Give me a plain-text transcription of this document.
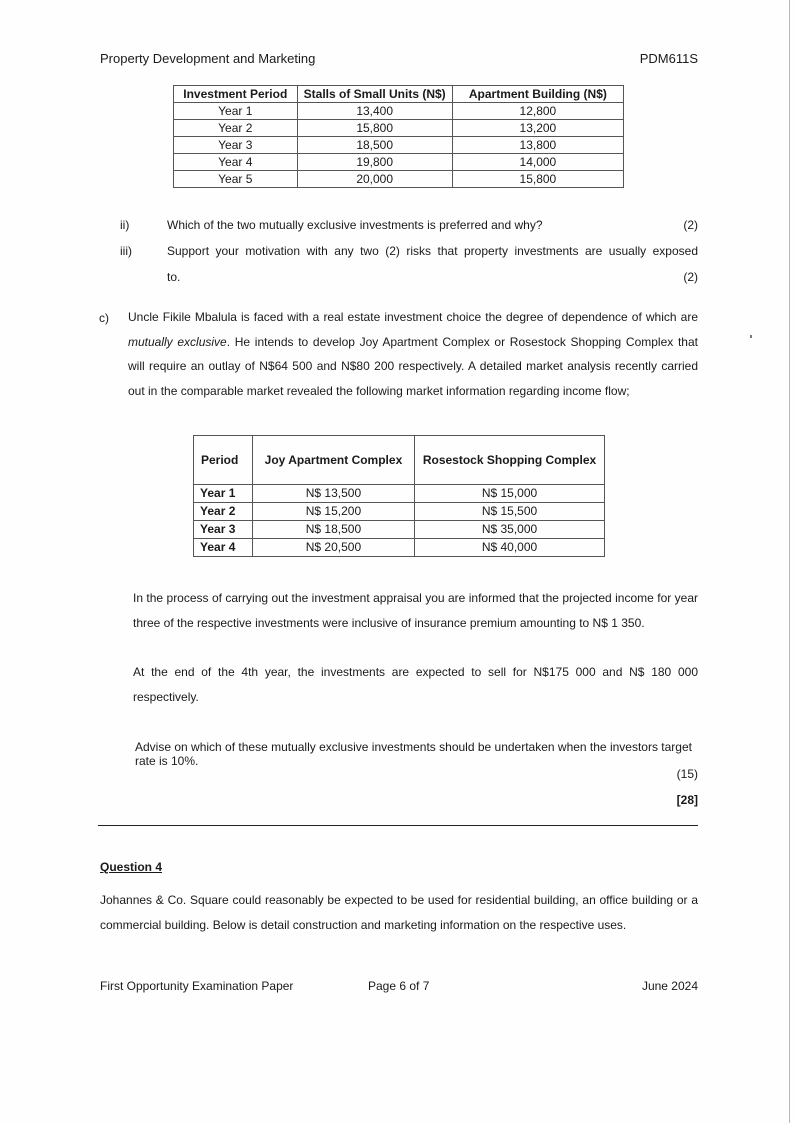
Property Development and Marketing	PDM611S
Investment Period	Stalls of Small Units (N$)	Apartment Building (N$)
Year 1	13,400	12,800
Year 2	15,800	13,200
Year 3	18,500	13,800
Year 4	19,800	14,000
Year 5	20,000	15,800
ii)	Which of the two mutually exclusive investments is preferred and why?	(2)
iii)	Support your motivation with any two (2) risks that property investments are usually exposed
to.	(2)
c) Uncle Fikile Mbalula is faced with a real estate investment choice the degree of dependence of which are mutually exclusive. He intends to develop Joy Apartment Complex or Rosestock Shopping Complex that will require an outlay of N$64 500 and N$80 200 respectively. A detailed market analysis recently carried out in the comparable market revealed the following market information regarding income flow;
Period	Joy Apartment Complex	Rosestock Shopping Complex
Year 1	N$ 13,500	N$ 15,000
Year 2	N$ 15,200	N$ 15,500
Year 3	N$ 18,500	N$ 35,000
Year 4	N$ 20,500	N$ 40,000
In the process of carrying out the investment appraisal you are informed that the projected income for year three of the respective investments were inclusive of insurance premium amounting to N$ 1 350.
At the end of the 4th year, the investments are expected to sell for N$175 000 and N$ 180 000 respectively.
Advise on which of these mutually exclusive investments should be undertaken when the investors target rate is 10%.
(15)
[28]
Question 4
Johannes & Co. Square could reasonably be expected to be used for residential building, an office building or a commercial building. Below is detail construction and marketing information on the respective uses.
First Opportunity Examination Paper	Page 6 of 7	June 2024
